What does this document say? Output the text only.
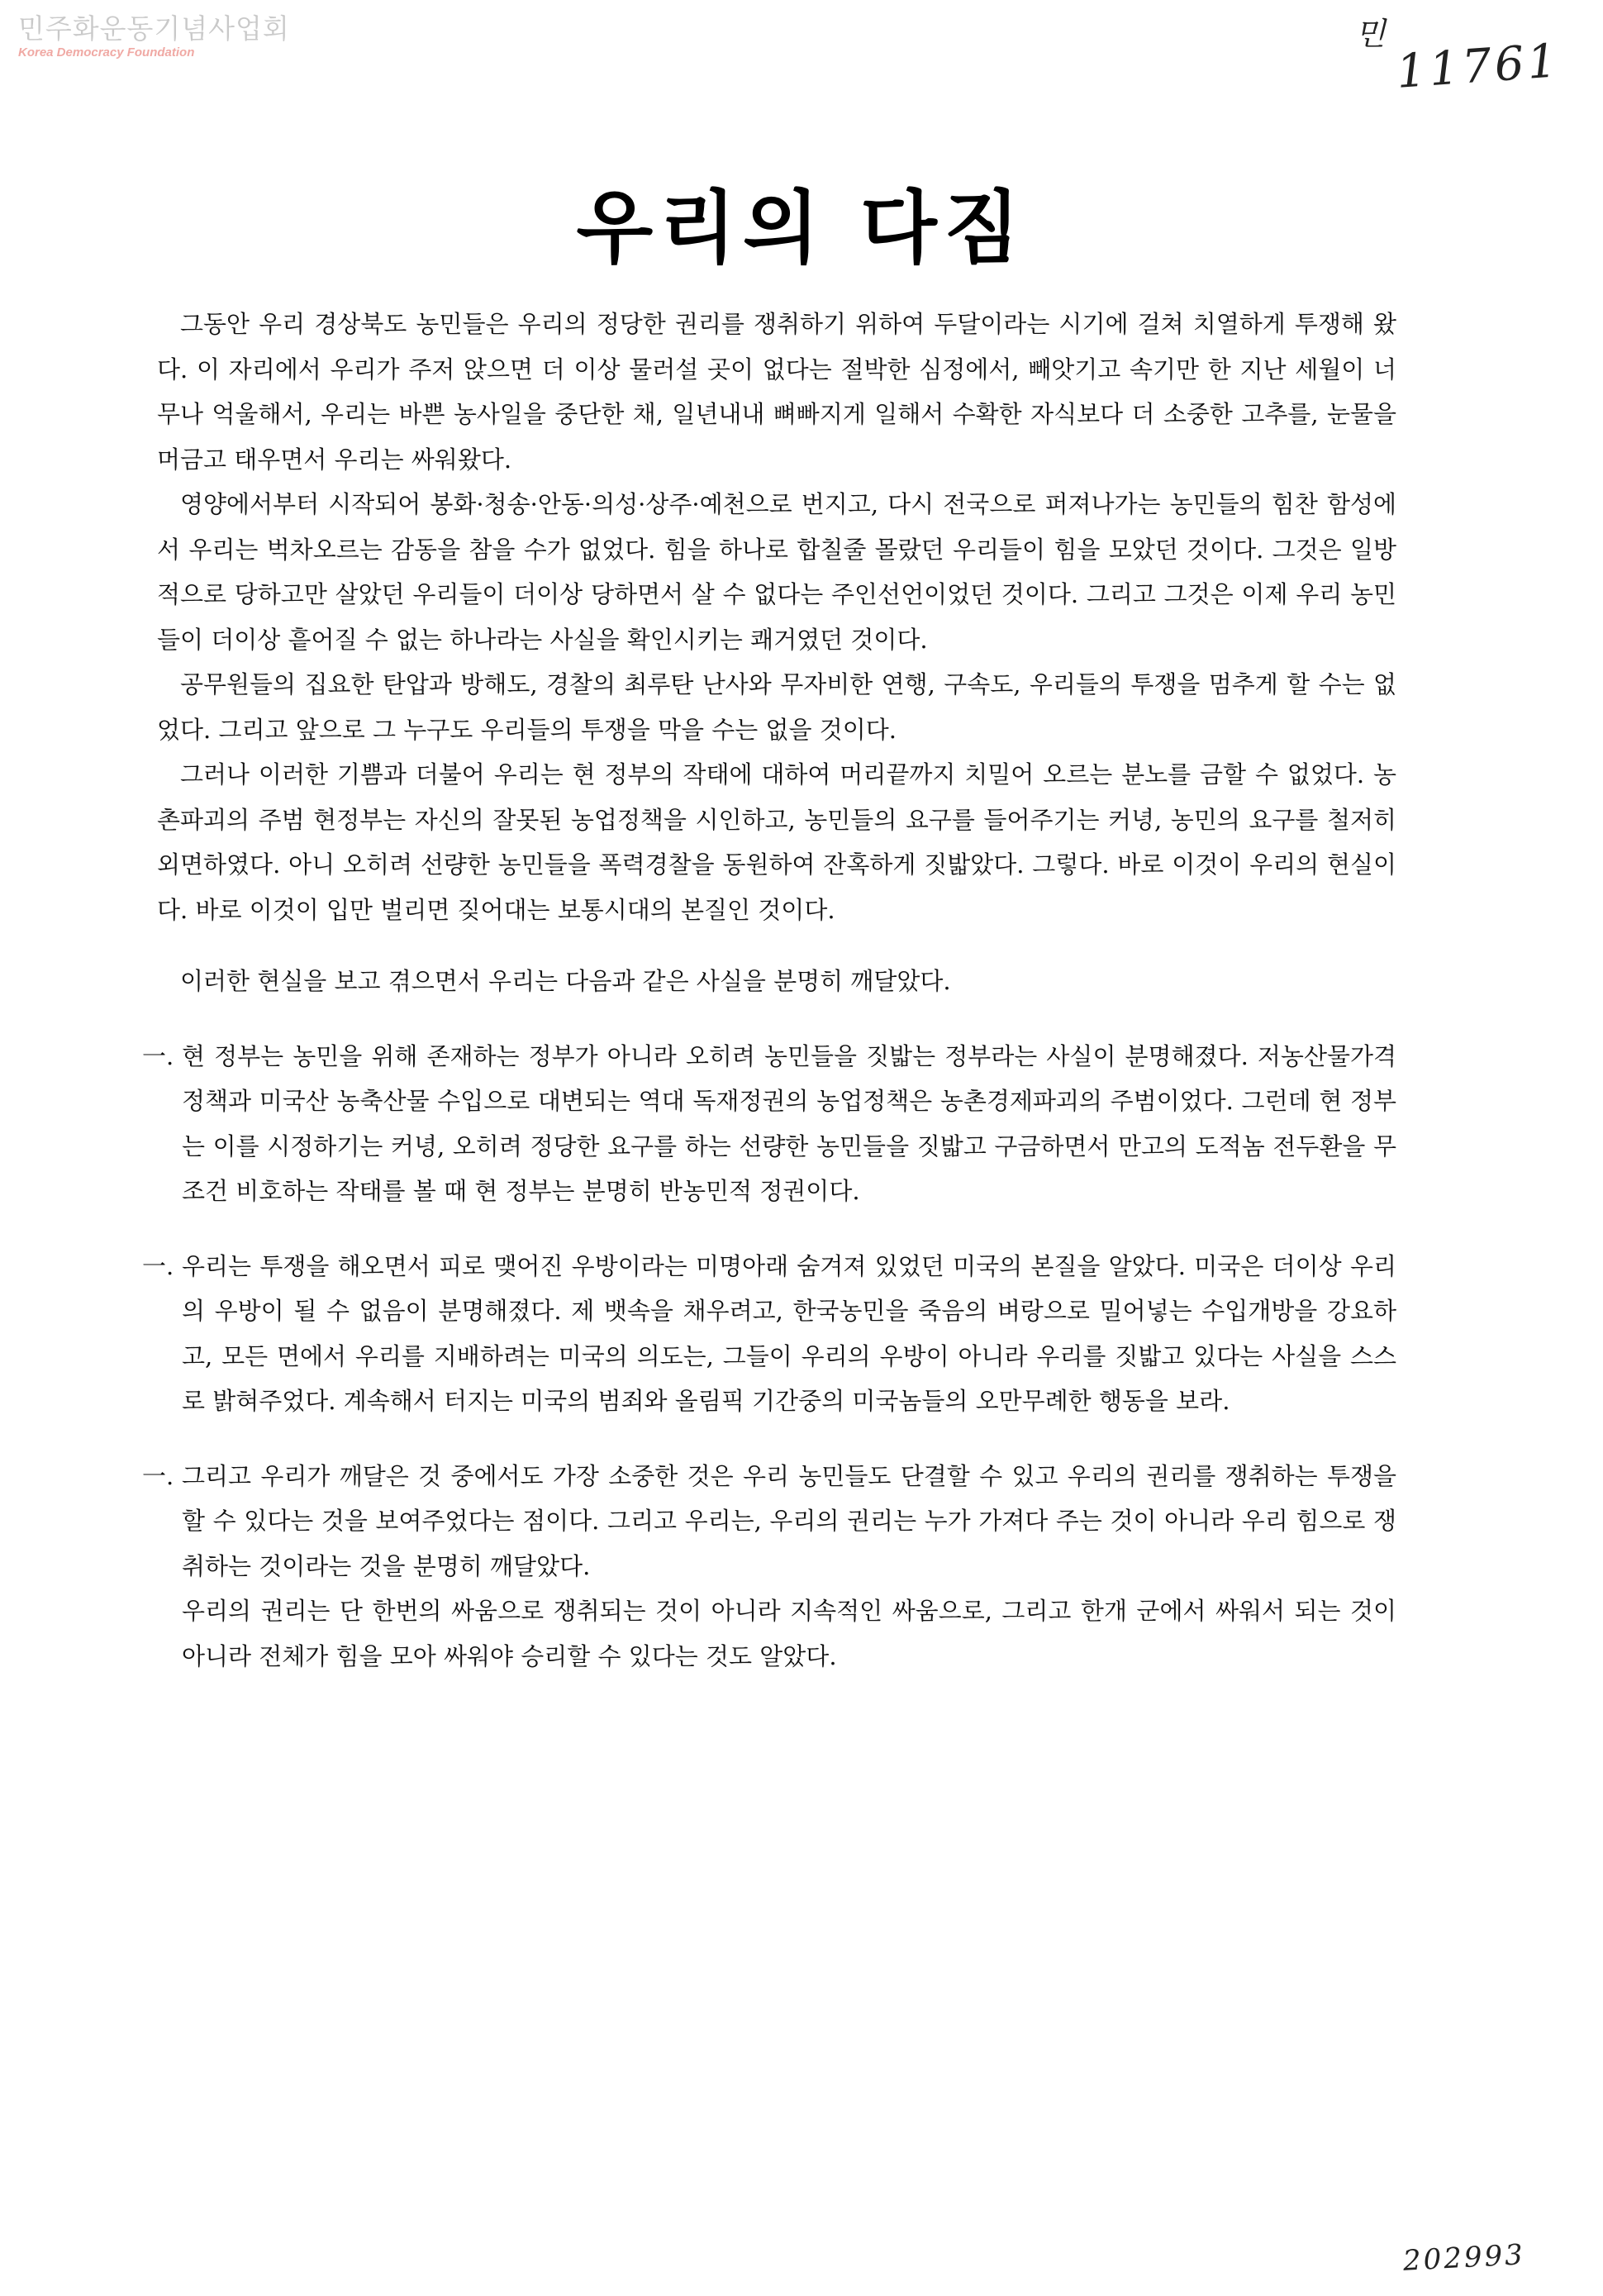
민주화운동기념사업회
Korea Democracy Foundation
민
11761
우리의 다짐

그동안 우리 경상북도 농민들은 우리의 정당한 권리를 쟁취하기 위하여 두달이라는 시기에 걸쳐 치열하게 투쟁해 왔다. 이 자리에서 우리가 주저 앉으면 더 이상 물러설 곳이 없다는 절박한 심정에서, 빼앗기고 속기만 한 지난 세월이 너무나 억울해서, 우리는 바쁜 농사일을 중단한 채, 일년내내 뼈빠지게 일해서 수확한 자식보다 더 소중한 고추를, 눈물을 머금고 태우면서 우리는 싸워왔다.

영양에서부터 시작되어 봉화·청송·안동·의성·상주·예천으로 번지고, 다시 전국으로 퍼져나가는 농민들의 힘찬 함성에서 우리는 벅차오르는 감동을 참을 수가 없었다. 힘을 하나로 합칠줄 몰랐던 우리들이 힘을 모았던 것이다. 그것은 일방적으로 당하고만 살았던 우리들이 더이상 당하면서 살 수 없다는 주인선언이었던 것이다. 그리고 그것은 이제 우리 농민들이 더이상 흩어질 수 없는 하나라는 사실을 확인시키는 쾌거였던 것이다.

공무원들의 집요한 탄압과 방해도, 경찰의 최루탄 난사와 무자비한 연행, 구속도, 우리들의 투쟁을 멈추게 할 수는 없었다. 그리고 앞으로 그 누구도 우리들의 투쟁을 막을 수는 없을 것이다.

그러나 이러한 기쁨과 더불어 우리는 현 정부의 작태에 대하여 머리끝까지 치밀어 오르는 분노를 금할 수 없었다. 농촌파괴의 주범 현정부는 자신의 잘못된 농업정책을 시인하고, 농민들의 요구를 들어주기는 커녕, 농민의 요구를 철저히 외면하였다. 아니 오히려 선량한 농민들을 폭력경찰을 동원하여 잔혹하게 짓밟았다. 그렇다. 바로 이것이 우리의 현실이다. 바로 이것이 입만 벌리면 짖어대는 보통시대의 본질인 것이다.

이러한 현실을 보고 겪으면서 우리는 다음과 같은 사실을 분명히 깨달았다.

一. 현 정부는 농민을 위해 존재하는 정부가 아니라 오히려 농민들을 짓밟는 정부라는 사실이 분명해졌다. 저농산물가격정책과 미국산 농축산물 수입으로 대변되는 역대 독재정권의 농업정책은 농촌경제파괴의 주범이었다. 그런데 현 정부는 이를 시정하기는 커녕, 오히려 정당한 요구를 하는 선량한 농민들을 짓밟고 구금하면서 만고의 도적놈 전두환을 무조건 비호하는 작태를 볼 때 현 정부는 분명히 반농민적 정권이다.

一. 우리는 투쟁을 해오면서 피로 맺어진 우방이라는 미명아래 숨겨져 있었던 미국의 본질을 알았다. 미국은 더이상 우리의 우방이 될 수 없음이 분명해졌다. 제 뱃속을 채우려고, 한국농민을 죽음의 벼랑으로 밀어넣는 수입개방을 강요하고, 모든 면에서 우리를 지배하려는 미국의 의도는, 그들이 우리의 우방이 아니라 우리를 짓밟고 있다는 사실을 스스로 밝혀주었다. 계속해서 터지는 미국의 범죄와 올림픽 기간중의 미국놈들의 오만무례한 행동을 보라.

一. 그리고 우리가 깨달은 것 중에서도 가장 소중한 것은 우리 농민들도 단결할 수 있고 우리의 권리를 쟁취하는 투쟁을 할 수 있다는 것을 보여주었다는 점이다. 그리고 우리는, 우리의 권리는 누가 가져다 주는 것이 아니라 우리 힘으로 쟁취하는 것이라는 것을 분명히 깨달았다.

우리의 권리는 단 한번의 싸움으로 쟁취되는 것이 아니라 지속적인 싸움으로, 그리고 한개 군에서 싸워서 되는 것이 아니라 전체가 힘을 모아 싸워야 승리할 수 있다는 것도 알았다.

202993
